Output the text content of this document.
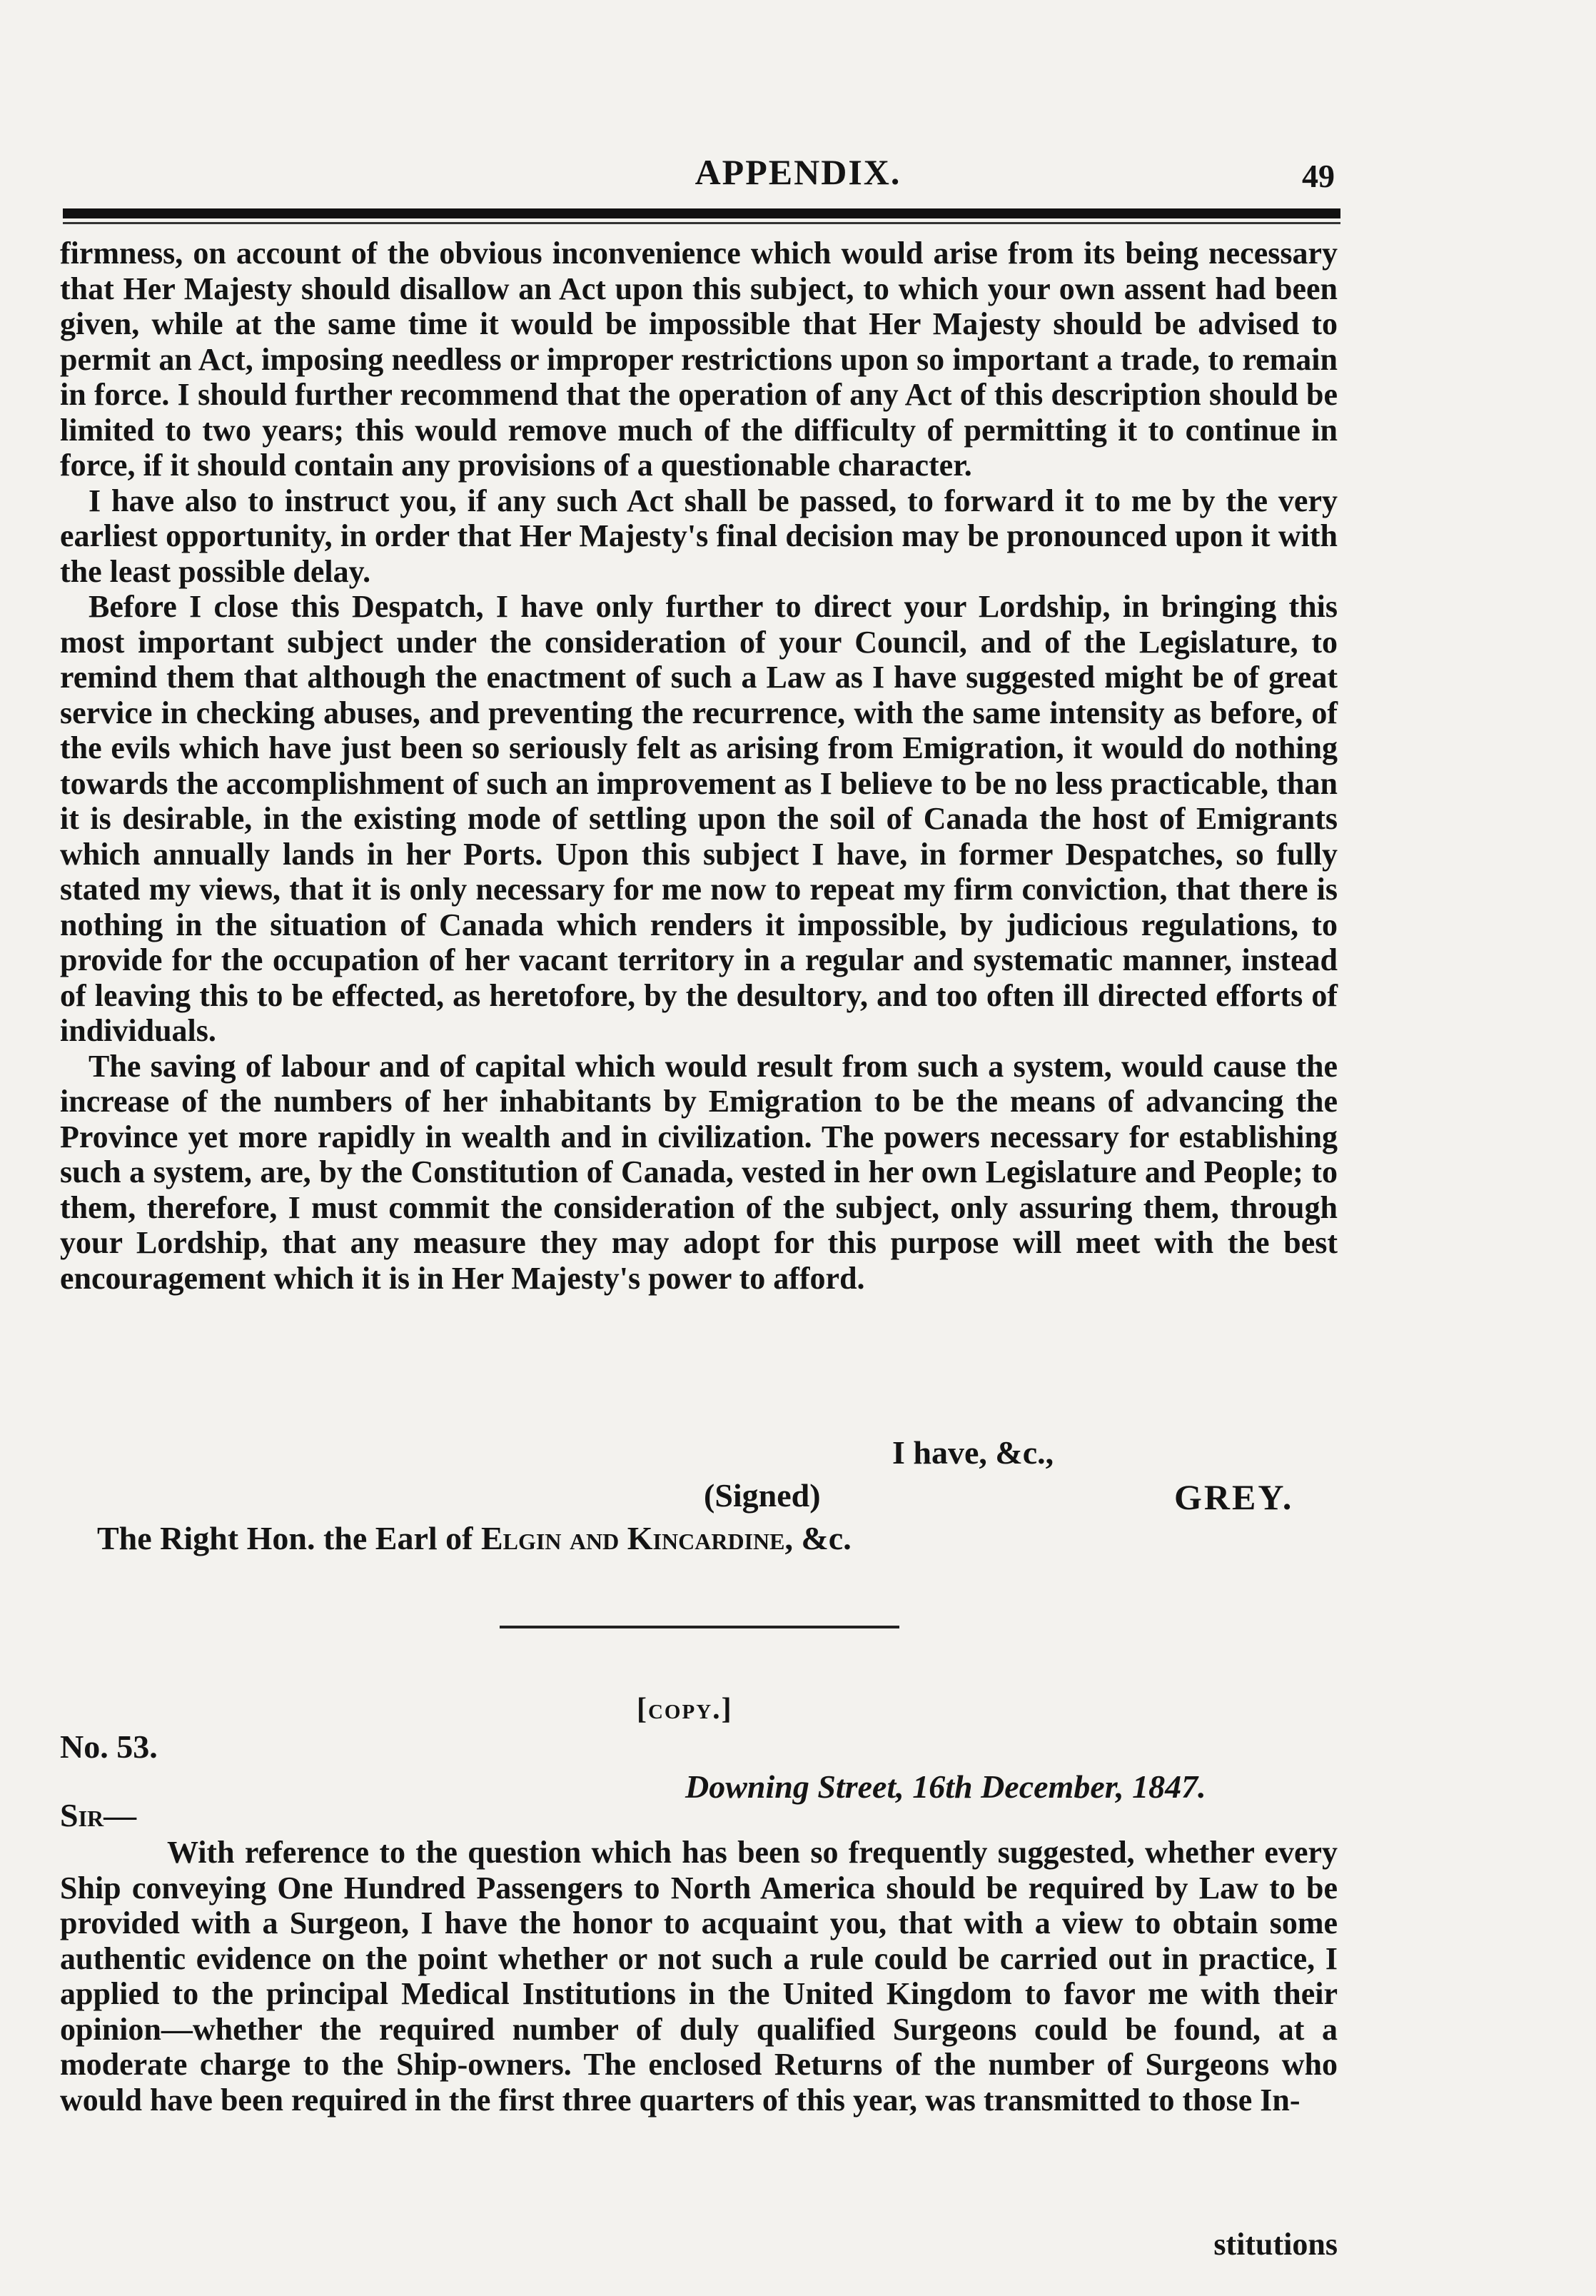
APPENDIX.	49

firmness, on account of the obvious inconvenience which would arise from its being necessary that Her Majesty should disallow an Act upon this subject, to which your own assent had been given, while at the same time it would be impossible that Her Majesty should be advised to permit an Act, imposing needless or improper restrictions upon so important a trade, to remain in force. I should further recommend that the operation of any Act of this description should be limited to two years; this would remove much of the difficulty of permitting it to continue in force, if it should contain any provisions of a questionable character.

I have also to instruct you, if any such Act shall be passed, to forward it to me by the very earliest opportunity, in order that Her Majesty's final decision may be pronounced upon it with the least possible delay.

Before I close this Despatch, I have only further to direct your Lordship, in bringing this most important subject under the consideration of your Council, and of the Legislature, to remind them that although the enactment of such a Law as I have suggested might be of great service in checking abuses, and preventing the recurrence, with the same intensity as before, of the evils which have just been so seriously felt as arising from Emigration, it would do nothing towards the accomplishment of such an improvement as I believe to be no less practicable, than it is desirable, in the existing mode of settling upon the soil of Canada the host of Emigrants which annually lands in her Ports. Upon this subject I have, in former Despatches, so fully stated my views, that it is only necessary for me now to repeat my firm conviction, that there is nothing in the situation of Canada which renders it impossible, by judicious regulations, to provide for the occupation of her vacant territory in a regular and systematic manner, instead of leaving this to be effected, as heretofore, by the desultory, and too often ill directed efforts of individuals.

The saving of labour and of capital which would result from such a system, would cause the increase of the numbers of her inhabitants by Emigration to be the means of advancing the Province yet more rapidly in wealth and in civilization. The powers necessary for establishing such a system, are, by the Constitution of Canada, vested in her own Legislature and People; to them, therefore, I must commit the consideration of the subject, only assuring them, through your Lordship, that any measure they may adopt for this purpose will meet with the best encouragement which it is in Her Majesty's power to afford.

I have, &c.,
(Signed)	GREY.
The Right Hon. the Earl of Elgin and Kincardine, &c.
[copy.]
No. 53.
Downing Street, 16th December, 1847.
Sir—

With reference to the question which has been so frequently suggested, whether every Ship conveying One Hundred Passengers to North America should be required by Law to be provided with a Surgeon, I have the honor to acquaint you, that with a view to obtain some authentic evidence on the point whether or not such a rule could be carried out in practice, I applied to the principal Medical Institutions in the United Kingdom to favor me with their opinion—whether the required number of duly qualified Surgeons could be found, at a moderate charge to the Ship-owners. The enclosed Returns of the number of Surgeons who would have been required in the first three quarters of this year, was transmitted to those In-

stitutions
